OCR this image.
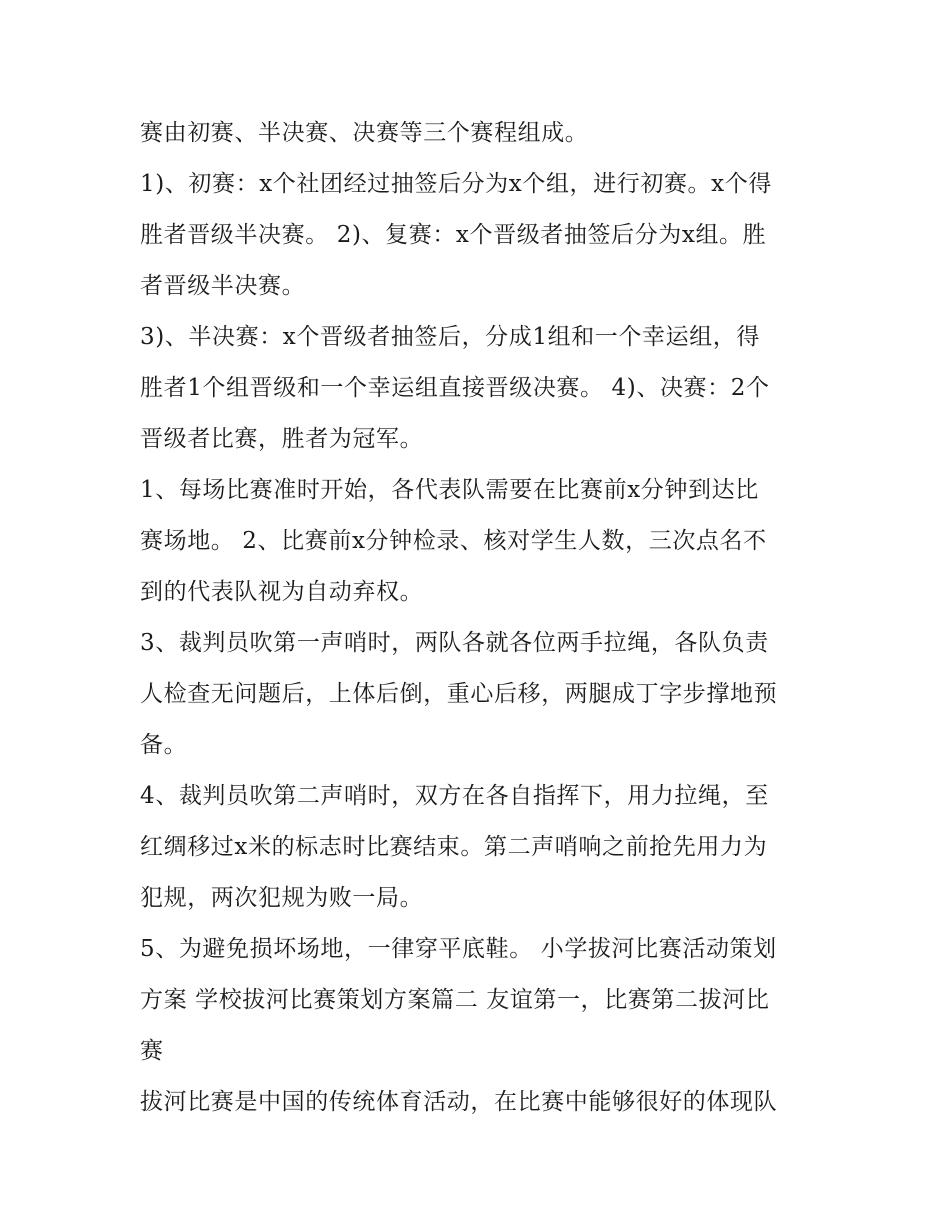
赛由初赛、半决赛、决赛等三个赛程组成。
1)、初赛：x个社团经过抽签后分为x个组，进行初赛。x个得
胜者晋级半决赛。 2)、复赛：x个晋级者抽签后分为x组。胜
者晋级半决赛。
3)、半决赛：x个晋级者抽签后，分成1组和一个幸运组，得
胜者1个组晋级和一个幸运组直接晋级决赛。 4)、决赛：2个
晋级者比赛，胜者为冠军。
1、每场比赛准时开始，各代表队需要在比赛前x分钟到达比
赛场地。 2、比赛前x分钟检录、核对学生人数，三次点名不
到的代表队视为自动弃权。
3、裁判员吹第一声哨时，两队各就各位两手拉绳，各队负责
人检查无问题后，上体后倒，重心后移，两腿成丁字步撑地预
备。
4、裁判员吹第二声哨时，双方在各自指挥下，用力拉绳，至
红绸移过x米的标志时比赛结束。第二声哨响之前抢先用力为
犯规，两次犯规为败一局。
5、为避免损坏场地，一律穿平底鞋。 小学拔河比赛活动策划
方案 学校拔河比赛策划方案篇二 友谊第一，比赛第二拔河比
赛
拔河比赛是中国的传统体育活动，在比赛中能够很好的体现队
